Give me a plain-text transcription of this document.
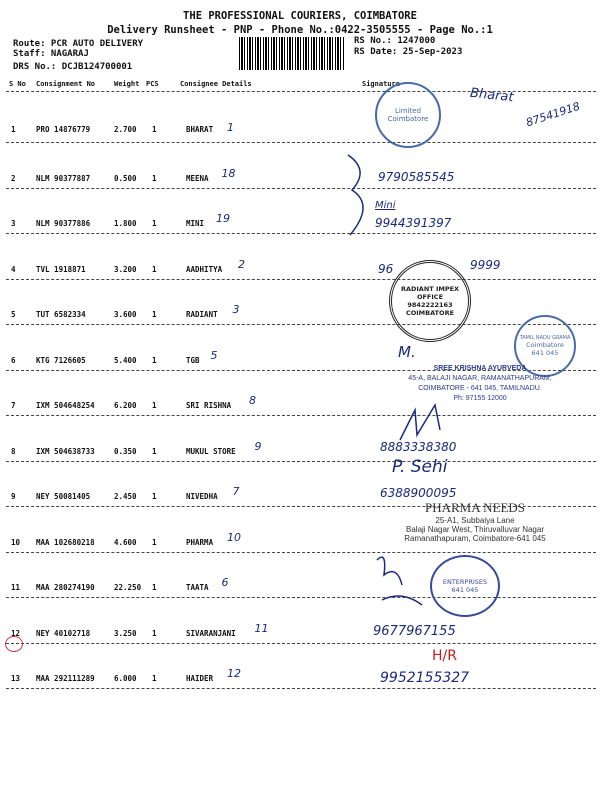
THE PROFESSIONAL COURIERS, COIMBATORE
Delivery Runsheet - PNP - Phone No.:0422-3505555 - Page No.:1
Route: PCR AUTO DELIVERY
Staff: NAGARAJ
DRS No.: DCJB124700001
RS No.: 1247000
RS Date: 25-Sep-2023
S No Consignment No	Weight PCS	Consignee Details	Signature
1	PRO 14876779	2.700 1	BHARAT 1
2	NLM 90377887	0.500 1	MEENA 18
3	NLM 90377886	1.800 1	MINI 19
4	TVL 1918871	3.200 1	AADHITYA 2
5	TUT 6582334	3.600 1	RADIANT 3
6	KTG 7126605	5.400 1	TGB 5
7	IXM 504648254	6.200 1	SRI RISHNA 8
8	IXM 504638733	0.350 1	MUKUL STORE 9
9	NEY 50081405	2.450 1	NIVEDHA 7
10 MAA 102680218	4.600 1	PHARMA 10
11 MAA 280274190	22.250 1	TAATA 6
12 NEY 40102718	3.250 1	SIVARANJANI 11
13 MAA 292111289	6.000 1	HAIDER 12
Limited
Coimbatore
RADIANT IMPEX
OFFICE
9842222163
COIMBATORE
TAMIL NADU GRAMA
Coimbatore
641 045
SREE KRISHNA AYURVEDA
45-A, BALAJI NAGAR, RAMANATHAPURAM,
COIMBATORE - 641 045, TAMILNADU.
Ph: 97155 12000
PHARMA NEEDS
25-A1, Subbaiya Lane
Balaji Nagar West, Thiruvalluvar Nagar
Ramanathapuram, Coimbatore-641 045
ENTERPRISES
641 045
Bharat
87541918
9790585545
Mini
9944391397
96	9999
M.
8883338380
P. Sehi
6388900095
9677967155
H/R
9952155327
